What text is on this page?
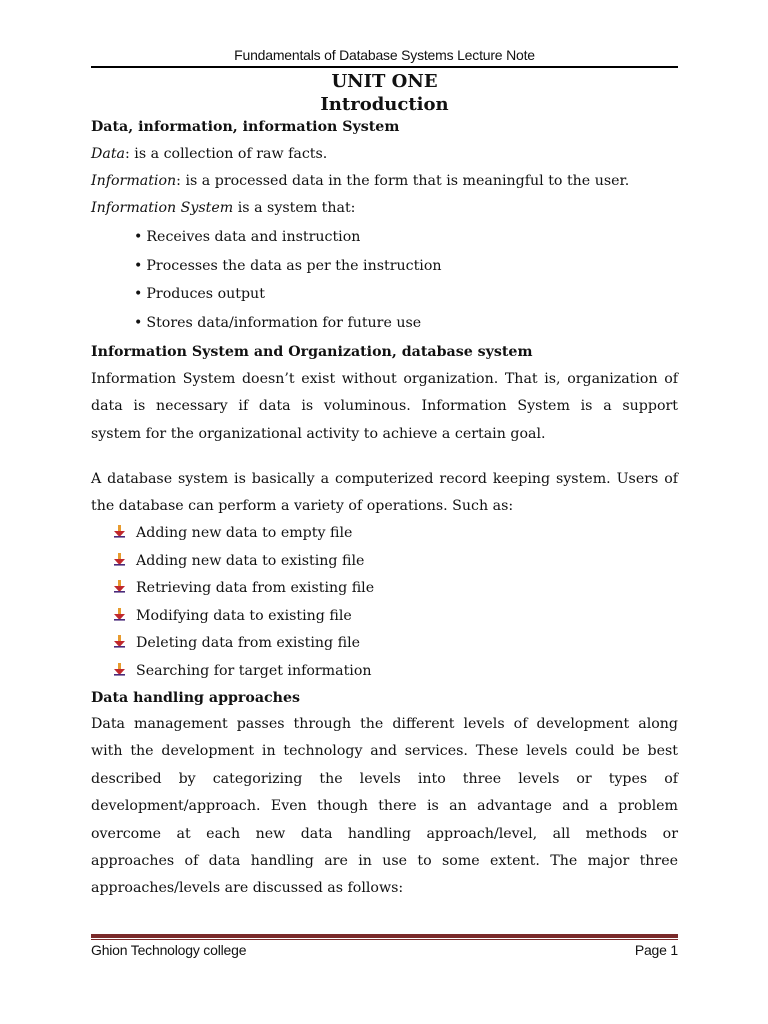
Fundamentals of Database Systems Lecture Note
UNIT ONE
Introduction
Data, information, information System
Data: is a collection of raw facts.
Information: is a processed data in the form that is meaningful to the user.
Information System is a system that:
• Receives data and instruction
• Processes the data as per the instruction
• Produces output
• Stores data/information for future use
Information System and Organization, database system
Information System doesn’t exist without organization. That is, organization of
data is necessary if data is voluminous. Information System is a support
system for the organizational activity to achieve a certain goal.
A database system is basically a computerized record keeping system. Users of
the database can perform a variety of operations. Such as:
Adding new data to empty file
Adding new data to existing file
Retrieving data from existing file
Modifying data to existing file
Deleting data from existing file
Searching for target information
Data handling approaches
Data management passes through the different levels of development along
with the development in technology and services. These levels could be best
described by categorizing the levels into three levels or types of
development/approach. Even though there is an advantage and a problem
overcome at each new data handling approach/level, all methods or
approaches of data handling are in use to some extent. The major three
approaches/levels are discussed as follows:
Ghion Technology college	Page 1
